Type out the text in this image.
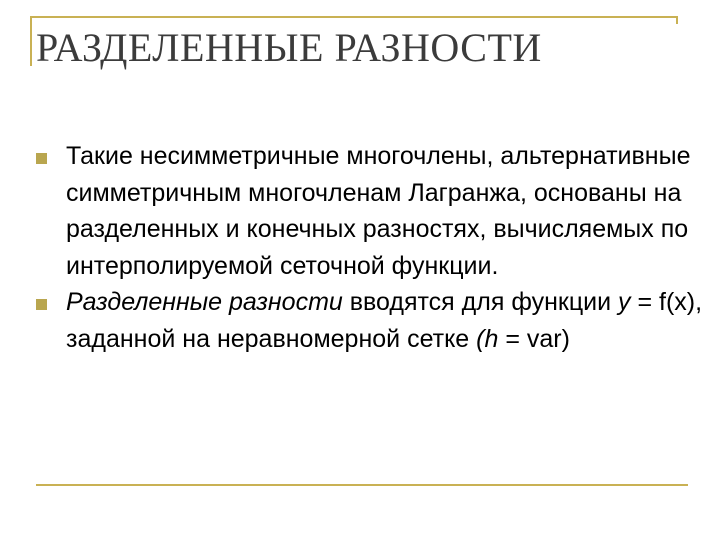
РАЗДЕЛЕННЫЕ РАЗНОСТИ
Такие несимметричные многочлены, альтернативные симметричным многочленам Лагранжа, основаны на разделенных и конечных разностях, вычисляемых по интерполируемой сеточной функции.
Разделенные разности вводятся для функции y = f(x), заданной на неравномерной сетке (h = var)
